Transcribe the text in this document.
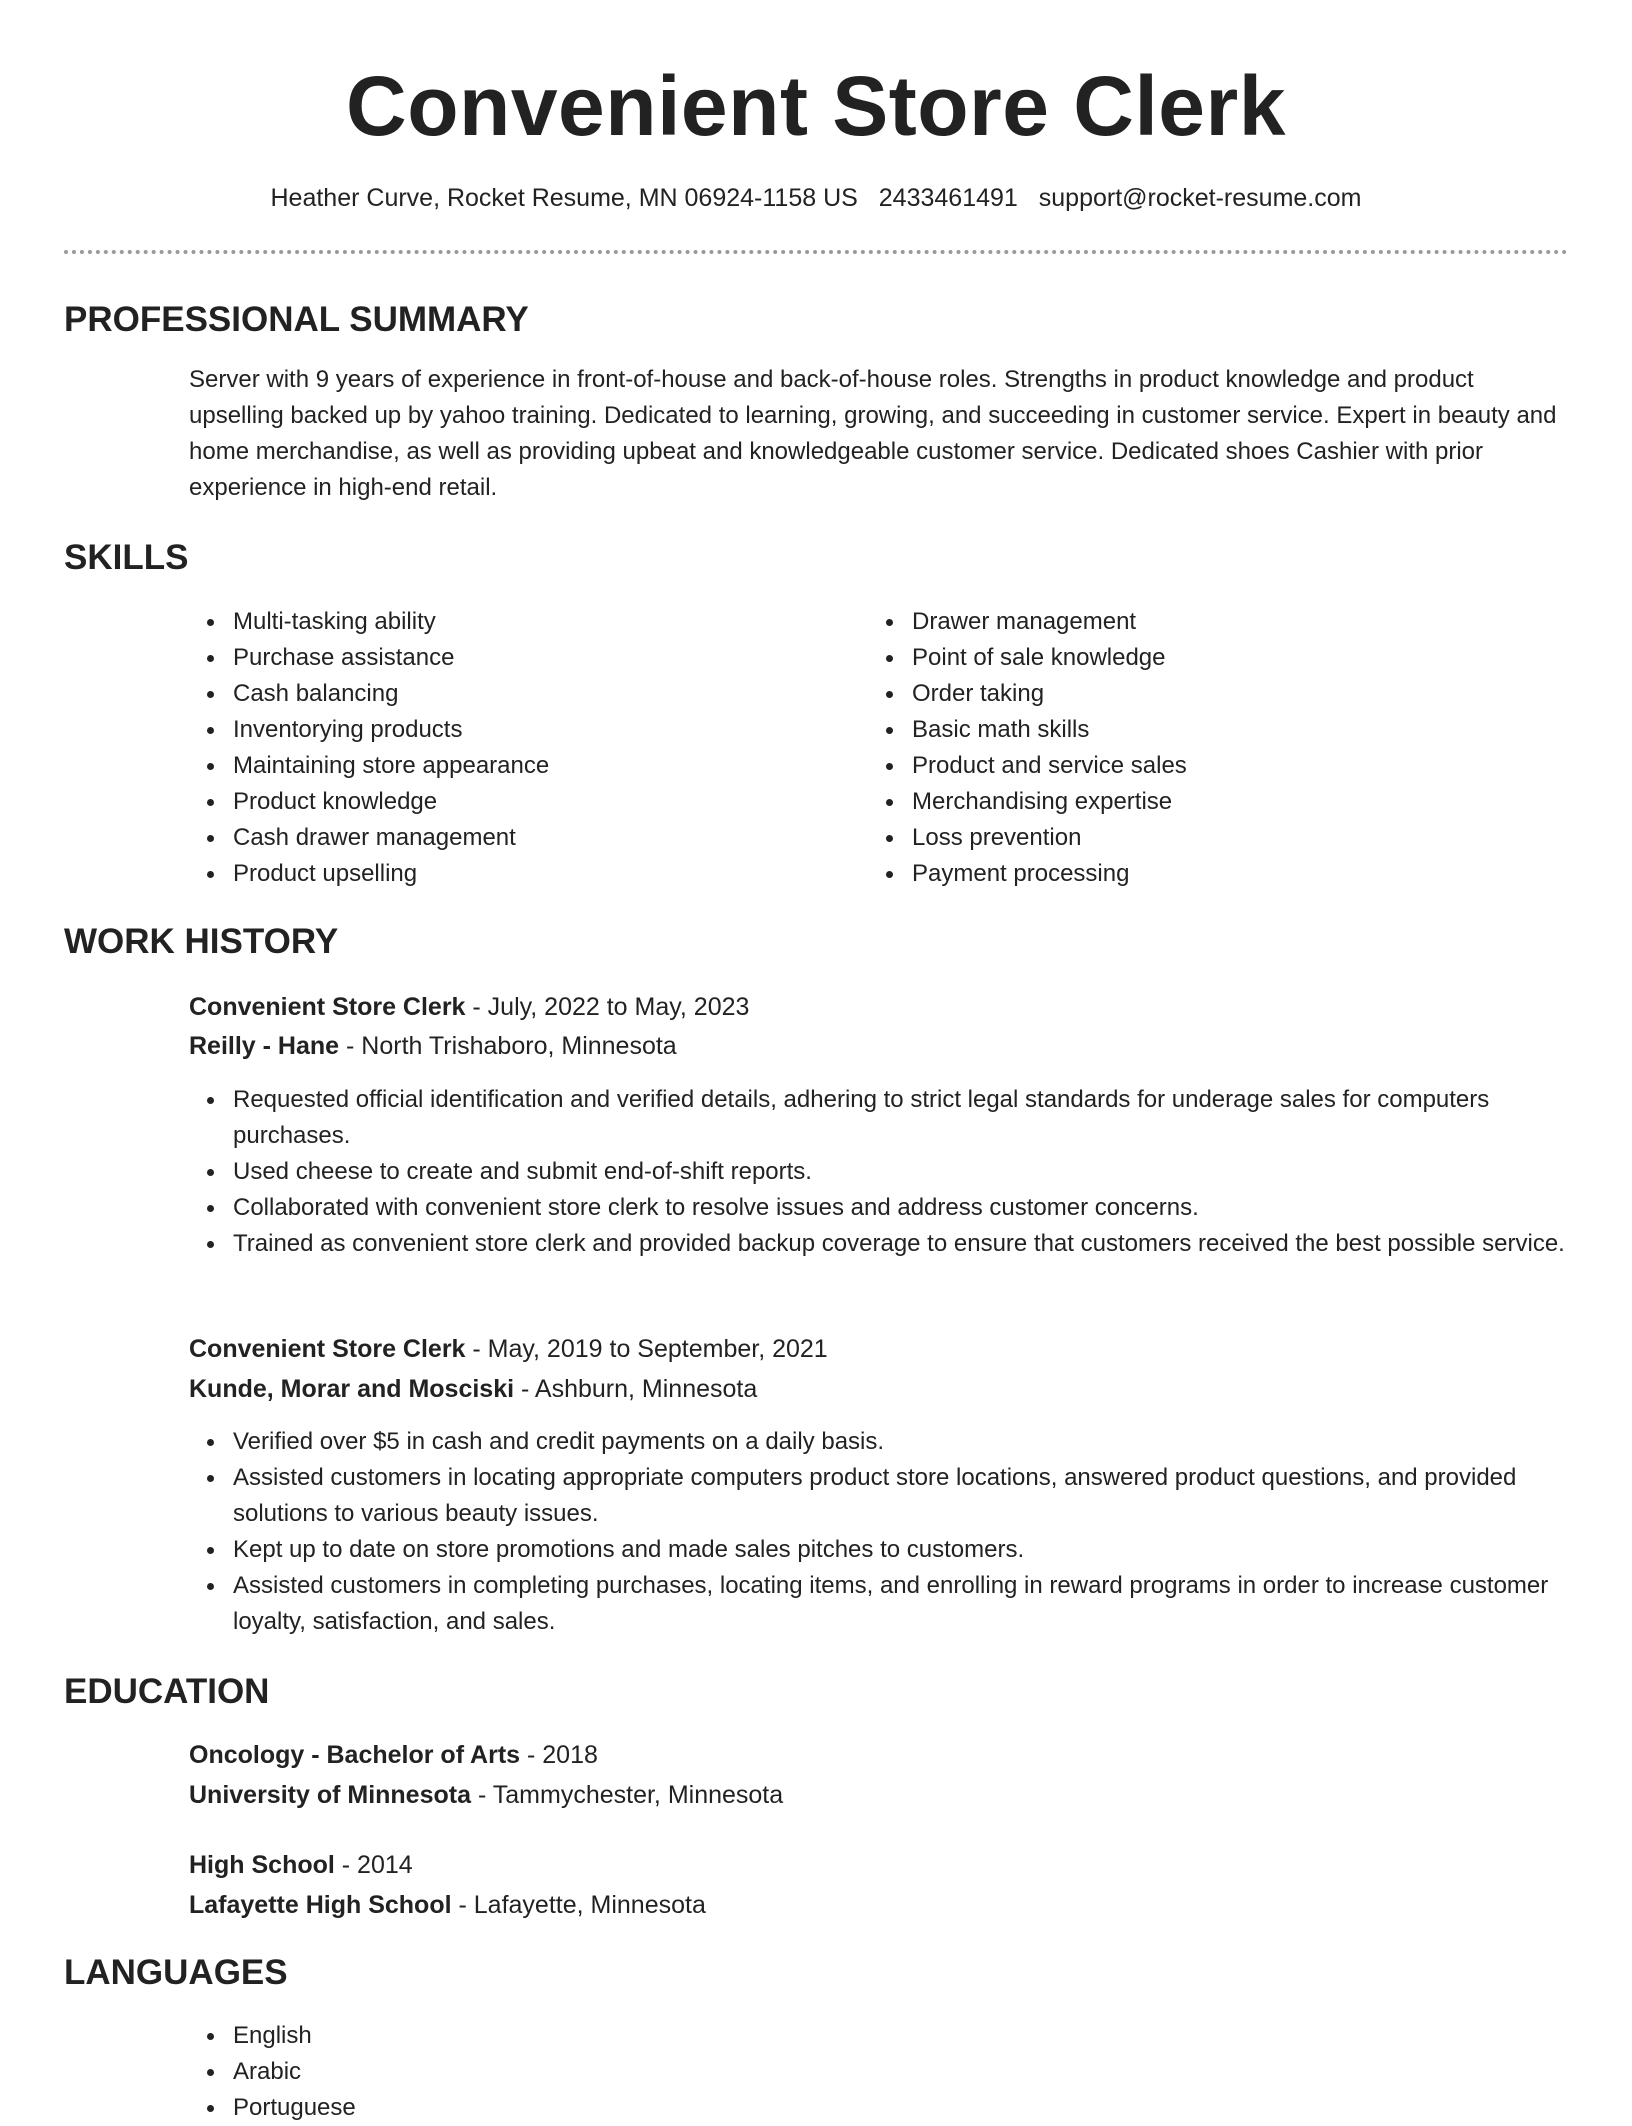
Convenient Store Clerk
Heather Curve, Rocket Resume, MN 06924-1158 US 2433461491 support@rocket-resume.com
PROFESSIONAL SUMMARY

Server with 9 years of experience in front-of-house and back-of-house roles. Strengths in product knowledge and product upselling backed up by yahoo training. Dedicated to learning, growing, and succeeding in customer service. Expert in beauty and home merchandise, as well as providing upbeat and knowledgeable customer service. Dedicated shoes Cashier with prior experience in high-end retail.

SKILLS
Multi-tasking ability
Purchase assistance
Cash balancing
Inventorying products
Maintaining store appearance
Product knowledge
Cash drawer management
Product upselling
Drawer management
Point of sale knowledge
Order taking
Basic math skills
Product and service sales
Merchandising expertise
Loss prevention
Payment processing
WORK HISTORY
Convenient Store Clerk - July, 2022 to May, 2023
Reilly - Hane - North Trishaboro, Minnesota
Requested official identification and verified details, adhering to strict legal standards for underage sales for computers purchases.
Used cheese to create and submit end-of-shift reports.
Collaborated with convenient store clerk to resolve issues and address customer concerns.
Trained as convenient store clerk and provided backup coverage to ensure that customers received the best possible service.
Convenient Store Clerk - May, 2019 to September, 2021
Kunde, Morar and Mosciski - Ashburn, Minnesota
Verified over $5 in cash and credit payments on a daily basis.
Assisted customers in locating appropriate computers product store locations, answered product questions, and provided solutions to various beauty issues.
Kept up to date on store promotions and made sales pitches to customers.
Assisted customers in completing purchases, locating items, and enrolling in reward programs in order to increase customer loyalty, satisfaction, and sales.
EDUCATION
Oncology - Bachelor of Arts - 2018
University of Minnesota - Tammychester, Minnesota
High School - 2014
Lafayette High School - Lafayette, Minnesota
LANGUAGES
English
Arabic
Portuguese
